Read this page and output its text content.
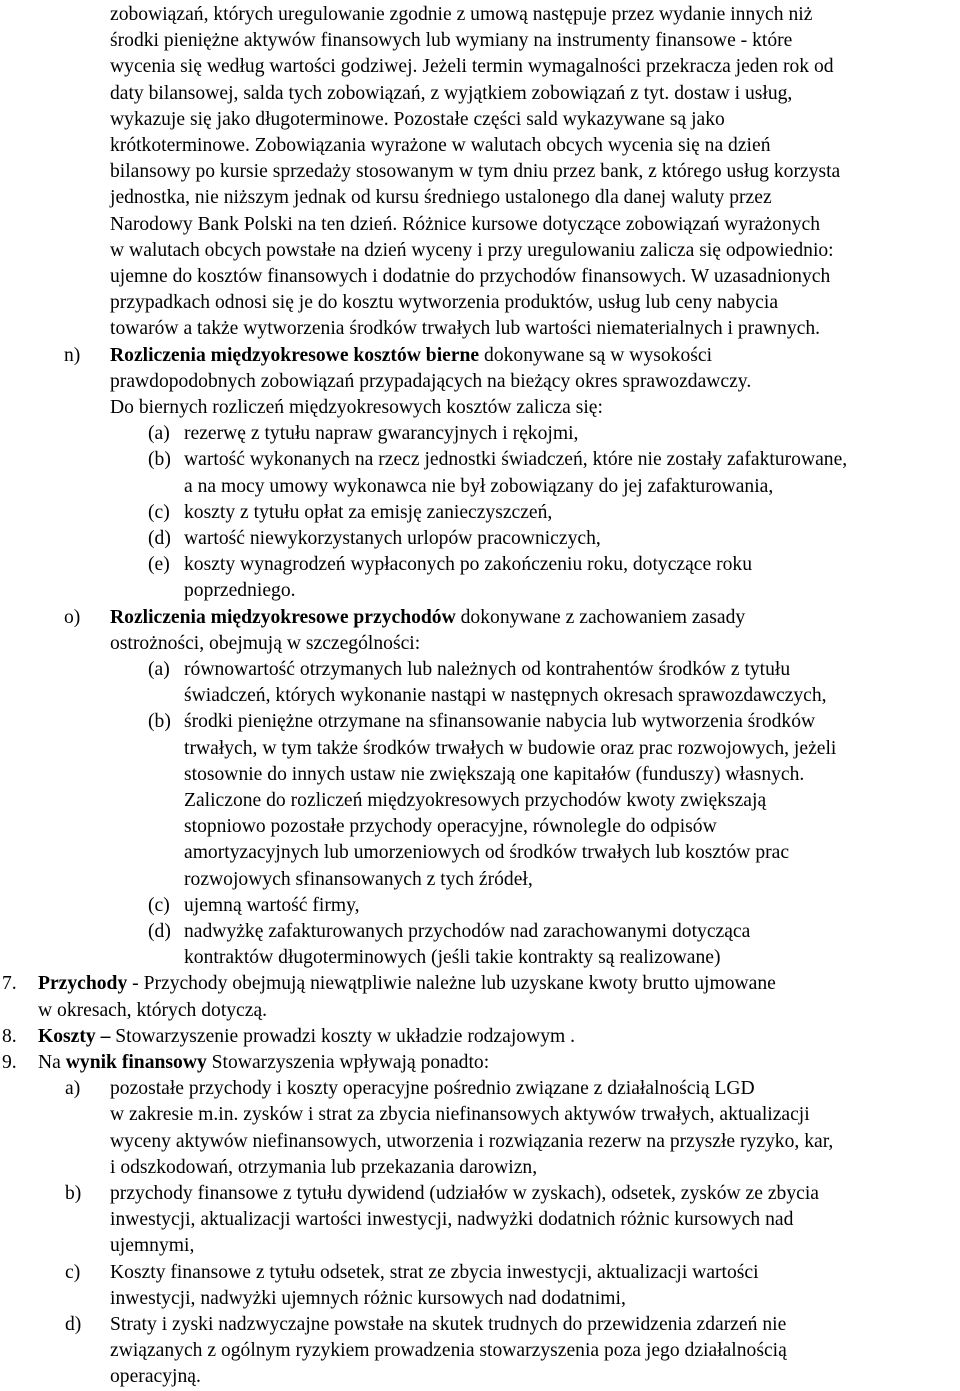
zobowiązań, których uregulowanie zgodnie z umową następuje przez wydanie innych niż
środki pieniężne aktywów finansowych lub wymiany na instrumenty finansowe - które
wycenia się według wartości godziwej. Jeżeli termin wymagalności przekracza jeden rok od
daty bilansowej, salda tych zobowiązań, z wyjątkiem zobowiązań z tyt. dostaw i usług,
wykazuje się jako długoterminowe. Pozostałe części sald wykazywane są jako
krótkoterminowe. Zobowiązania wyrażone w walutach obcych wycenia się na dzień
bilansowy po kursie sprzedaży stosowanym w tym dniu przez bank, z którego usług korzysta
jednostka, nie niższym jednak od kursu średniego ustalonego dla danej waluty przez
Narodowy Bank Polski na ten dzień. Różnice kursowe dotyczące zobowiązań wyrażonych
w walutach obcych powstałe na dzień wyceny i przy uregulowaniu zalicza się odpowiednio:
ujemne do kosztów finansowych i dodatnie do przychodów finansowych. W uzasadnionych
przypadkach odnosi się je do kosztu wytworzenia produktów, usług lub ceny nabycia
towarów a także wytworzenia środków trwałych lub wartości niematerialnych i prawnych.
n) Rozliczenia międzyokresowe kosztów bierne dokonywane są w wysokości
prawdopodobnych zobowiązań przypadających na bieżący okres sprawozdawczy.
Do biernych rozliczeń międzyokresowych kosztów zalicza się:
(a) rezerwę z tytułu napraw gwarancyjnych i rękojmi,
(b) wartość wykonanych na rzecz jednostki świadczeń, które nie zostały zafakturowane,
a na mocy umowy wykonawca nie był zobowiązany do jej zafakturowania,
(c) koszty z tytułu opłat za emisję zanieczyszczeń,
(d) wartość niewykorzystanych urlopów pracowniczych,
(e) koszty wynagrodzeń wypłaconych po zakończeniu roku, dotyczące roku
poprzedniego.
o) Rozliczenia międzyokresowe przychodów dokonywane z zachowaniem zasady
ostrożności, obejmują w szczególności:
(a) równowartość otrzymanych lub należnych od kontrahentów środków z tytułu
świadczeń, których wykonanie nastąpi w następnych okresach sprawozdawczych,
(b) środki pieniężne otrzymane na sfinansowanie nabycia lub wytworzenia środków
trwałych, w tym także środków trwałych w budowie oraz prac rozwojowych, jeżeli
stosownie do innych ustaw nie zwiększają one kapitałów (funduszy) własnych.
Zaliczone do rozliczeń międzyokresowych przychodów kwoty zwiększają
stopniowo pozostałe przychody operacyjne, równolegle do odpisów
amortyzacyjnych lub umorzeniowych od środków trwałych lub kosztów prac
rozwojowych sfinansowanych z tych źródeł,
(c) ujemną wartość firmy,
(d) nadwyżkę zafakturowanych przychodów nad zarachowanymi dotycząca
kontraktów długoterminowych (jeśli takie kontrakty są realizowane)
7. Przychody - Przychody obejmują niewątpliwie należne lub uzyskane kwoty brutto ujmowane
w okresach, których dotyczą.
8. Koszty – Stowarzyszenie prowadzi koszty w układzie rodzajowym .
9. Na wynik finansowy Stowarzyszenia wpływają ponadto:
a) pozostałe przychody i koszty operacyjne pośrednio związane z działalnością LGD
w zakresie m.in. zysków i strat za zbycia niefinansowych aktywów trwałych, aktualizacji
wyceny aktywów niefinansowych, utworzenia i rozwiązania rezerw na przyszłe ryzyko, kar,
i odszkodowań, otrzymania lub przekazania darowizn,
b) przychody finansowe z tytułu dywidend (udziałów w zyskach), odsetek, zysków ze zbycia
inwestycji, aktualizacji wartości inwestycji, nadwyżki dodatnich różnic kursowych nad
ujemnymi,
c) Koszty finansowe z tytułu odsetek, strat ze zbycia inwestycji, aktualizacji wartości
inwestycji, nadwyżki ujemnych różnic kursowych nad dodatnimi,
d) Straty i zyski nadzwyczajne powstałe na skutek trudnych do przewidzenia zdarzeń nie
związanych z ogólnym ryzykiem prowadzenia stowarzyszenia poza jego działalnością
operacyjną.
